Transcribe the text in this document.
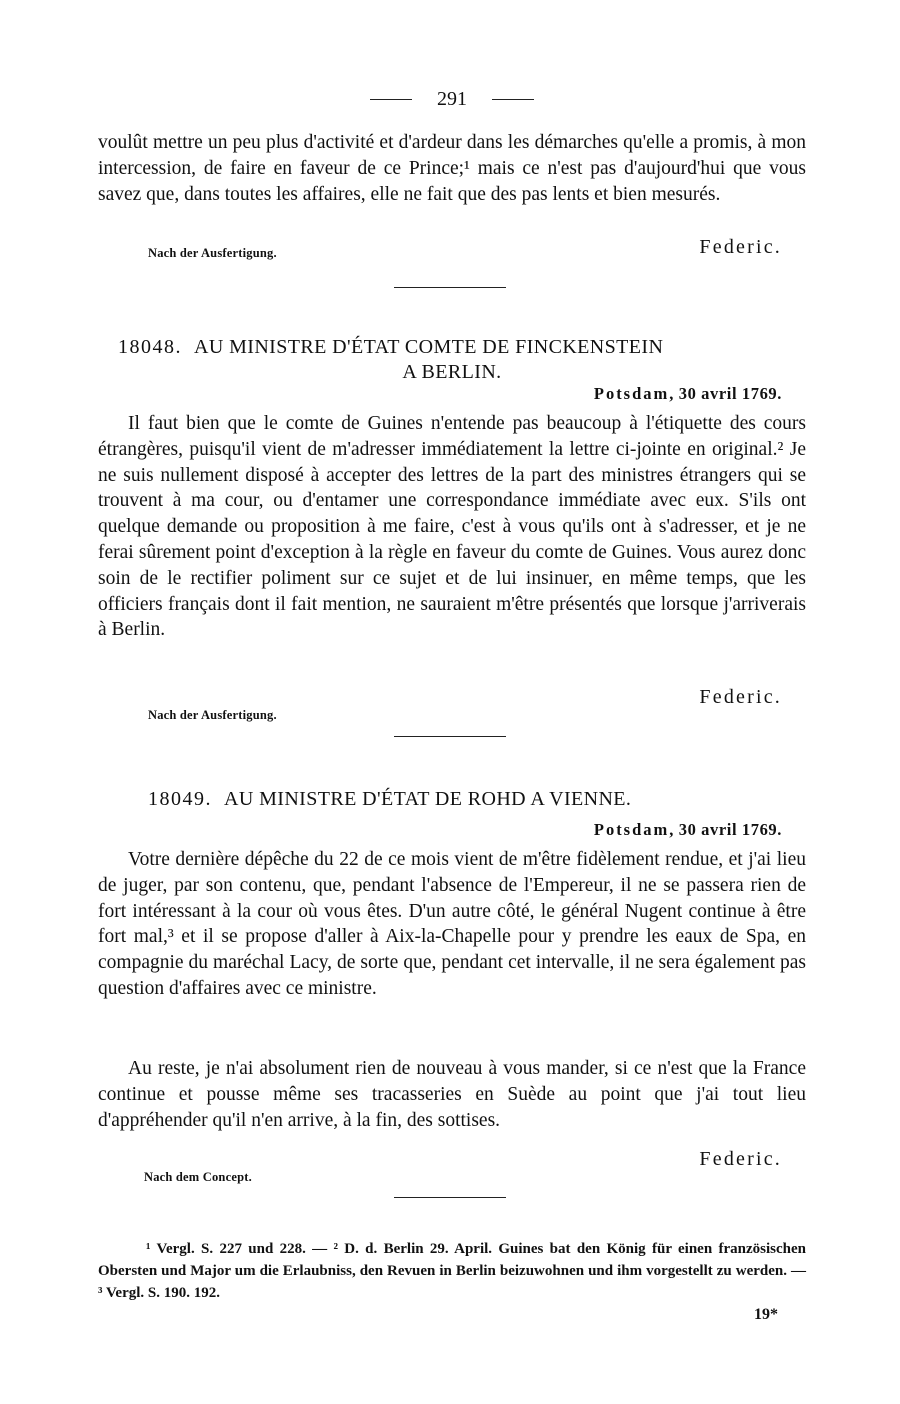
291

voulût mettre un peu plus d'activité et d'ardeur dans les démarches qu'elle a promis, à mon intercession, de faire en faveur de ce Prince;¹ mais ce n'est pas d'aujourd'hui que vous savez que, dans toutes les affaires, elle ne fait que des pas lents et bien mesurés.

Nach der Ausfertigung.	Federic.
18048. AU MINISTRE D'ÉTAT COMTE DE FINCKENSTEIN
A BERLIN.
Potsdam, 30 avril 1769.

Il faut bien que le comte de Guines n'entende pas beaucoup à l'étiquette des cours étrangères, puisqu'il vient de m'adresser immédiatement la lettre ci-jointe en original.² Je ne suis nullement disposé à accepter des lettres de la part des ministres étrangers qui se trouvent à ma cour, ou d'entamer une correspondance immédiate avec eux. S'ils ont quelque demande ou proposition à me faire, c'est à vous qu'ils ont à s'adresser, et je ne ferai sûrement point d'exception à la règle en faveur du comte de Guines. Vous aurez donc soin de le rectifier poliment sur ce sujet et de lui insinuer, en même temps, que les officiers français dont il fait mention, ne sauraient m'être présentés que lorsque j'arriverais à Berlin.

Federic.
Nach der Ausfertigung.
18049. AU MINISTRE D'ÉTAT DE ROHD A VIENNE.
Potsdam, 30 avril 1769.

Votre dernière dépêche du 22 de ce mois vient de m'être fidèlement rendue, et j'ai lieu de juger, par son contenu, que, pendant l'absence de l'Empereur, il ne se passera rien de fort intéressant à la cour où vous êtes. D'un autre côté, le général Nugent continue à être fort mal,³ et il se propose d'aller à Aix-la-Chapelle pour y prendre les eaux de Spa, en compagnie du maréchal Lacy, de sorte que, pendant cet intervalle, il ne sera également pas question d'affaires avec ce ministre.

Au reste, je n'ai absolument rien de nouveau à vous mander, si ce n'est que la France continue et pousse même ses tracasseries en Suède au point que j'ai tout lieu d'appréhender qu'il n'en arrive, à la fin, des sottises.

Federic.
Nach dem Concept.
¹ Vergl. S. 227 und 228. — ² D. d. Berlin 29. April. Guines bat den König für einen französischen Obersten und Major um die Erlaubniss, den Revuen in Berlin beizuwohnen und ihm vorgestellt zu werden. — ³ Vergl. S. 190. 192.
19*
